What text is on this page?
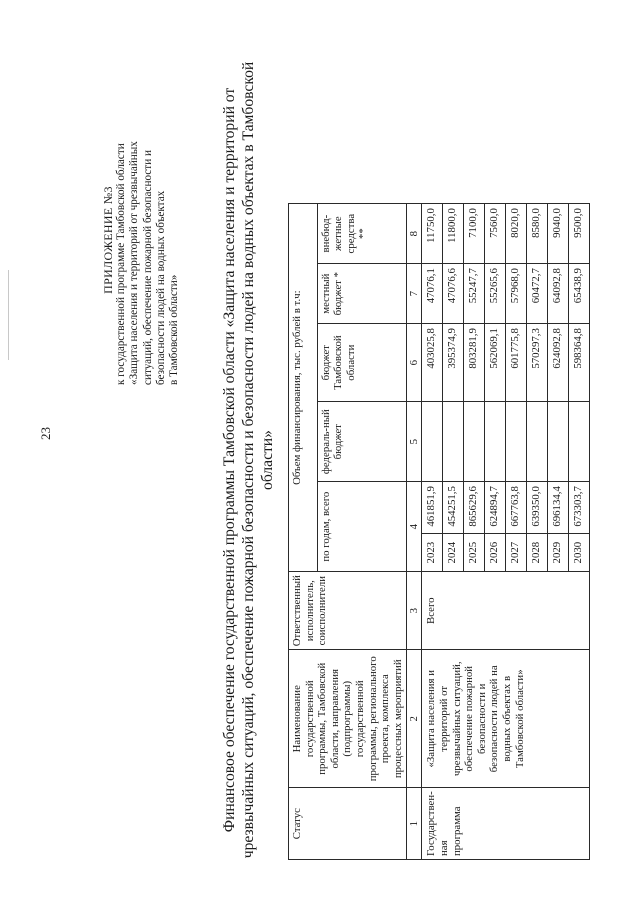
23
ПРИЛОЖЕНИЕ №3 к государственной программе Тамбовской области «Защита населения и территорий от чрезвычайных ситуаций, обеспечение пожарной безопасности и безопасности людей на водных объектах в Тамбовской области»	Финансовое обеспечение государственной программы Тамбовской области «Защита населения и территорий от чрезвычайных ситуаций, обеспечение пожарной безопасности и безопасности людей на водных объектах в Тамбовской области»
Статус	Наименование государственной программы, Тамбовской области, направления (подпрограммы) государственной программы, регионального проекта, комплекса процессных мероприятий	Ответственный исполнитель, соисполнители	Объем финансирования, тыс. рублей в т.ч:					
			по годам, всего		федераль-ный бюджет	бюджет Тамбовской области	местный бюджет *	внебюд-жетные средства **
1	2	3	4		5	6	7	8
Государствен-ная программа	«Защита населения и территорий от чрезвычайных ситуаций, обеспечение пожарной безопасности и безопасности людей на водных объектах в Тамбовской области»	Всего	2023	461851,9		403025,8	47076,1	11750,0
			2024	454251,5		395374,9	47076,6	11800,0
			2025	865629,6		803281,9	55247,7	7100,0
			2026	624894,7		562069,1	55265,6	7560,0
			2027	667763,8		601775,8	57968,0	8020,0
			2028	639350,0		570297,3	60472,7	8580,0
			2029	696134,4		624092,8	64092,8	9040,0
			2030	673303,7		598364,8	65438,9	9500,0
